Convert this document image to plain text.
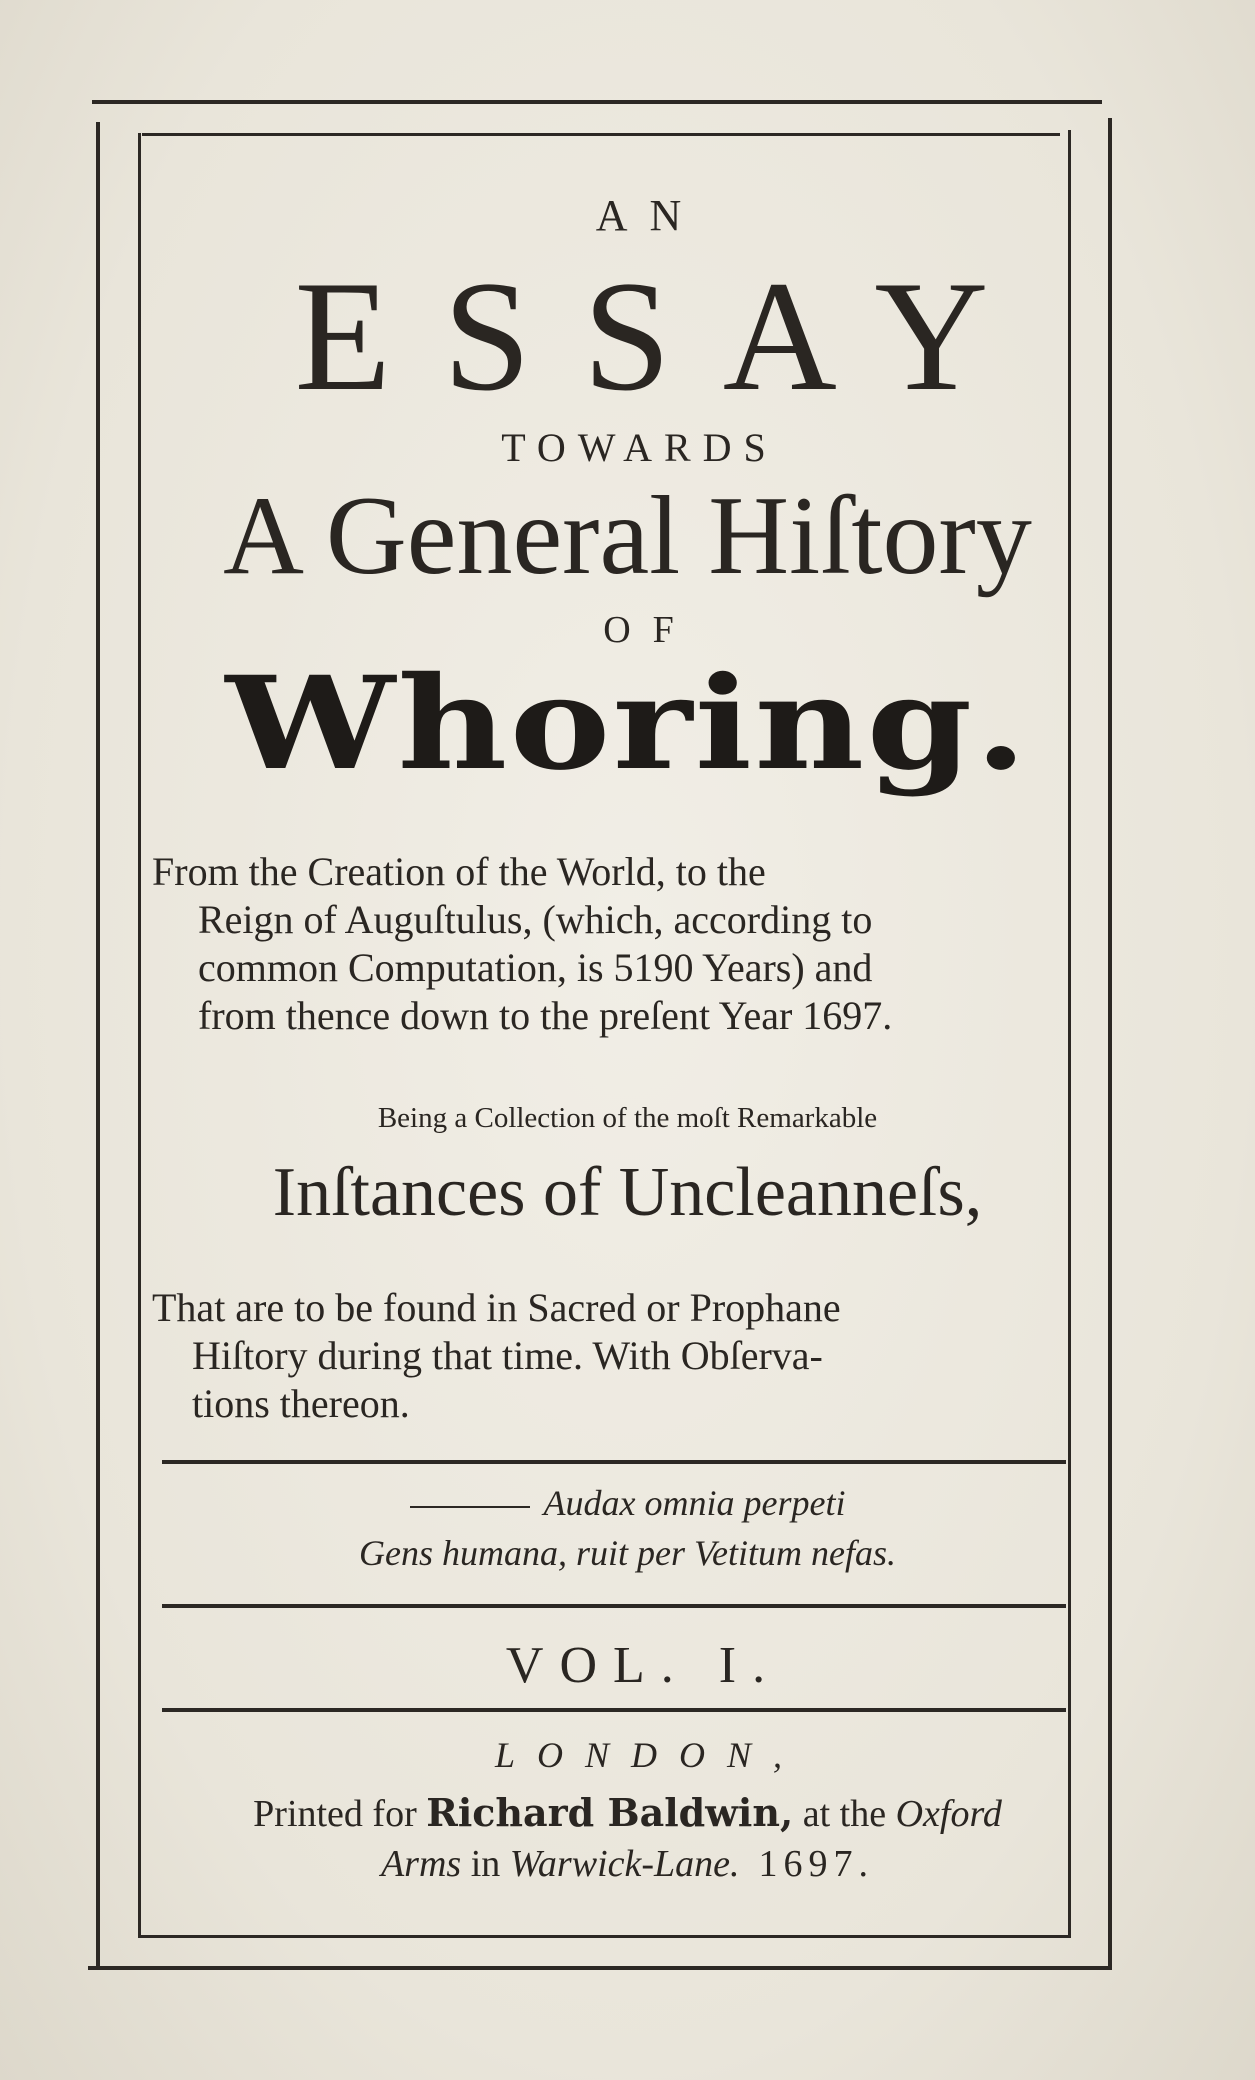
AN
ESSAY
TOWARDS
A General Hiſtory
OF
Whoring.
From the Creation of the World, to the
Reign of Auguſtulus, (which, according to
common Computation, is 5190 Years) and
from thence down to the preſent Year 1697.
Being a Collection of the moſt Remarkable
Inſtances of Uncleanneſs,
That are to be found in Sacred or Prophane
Hiſtory during that time. With Obſerva-
tions thereon.
Audax omnia perpeti
Gens humana, ruit per Vetitum nefas.
VOL. I.
LONDON,
Printed for Richard Baldwin, at the Oxford
Arms in Warwick-Lane. 1697.
